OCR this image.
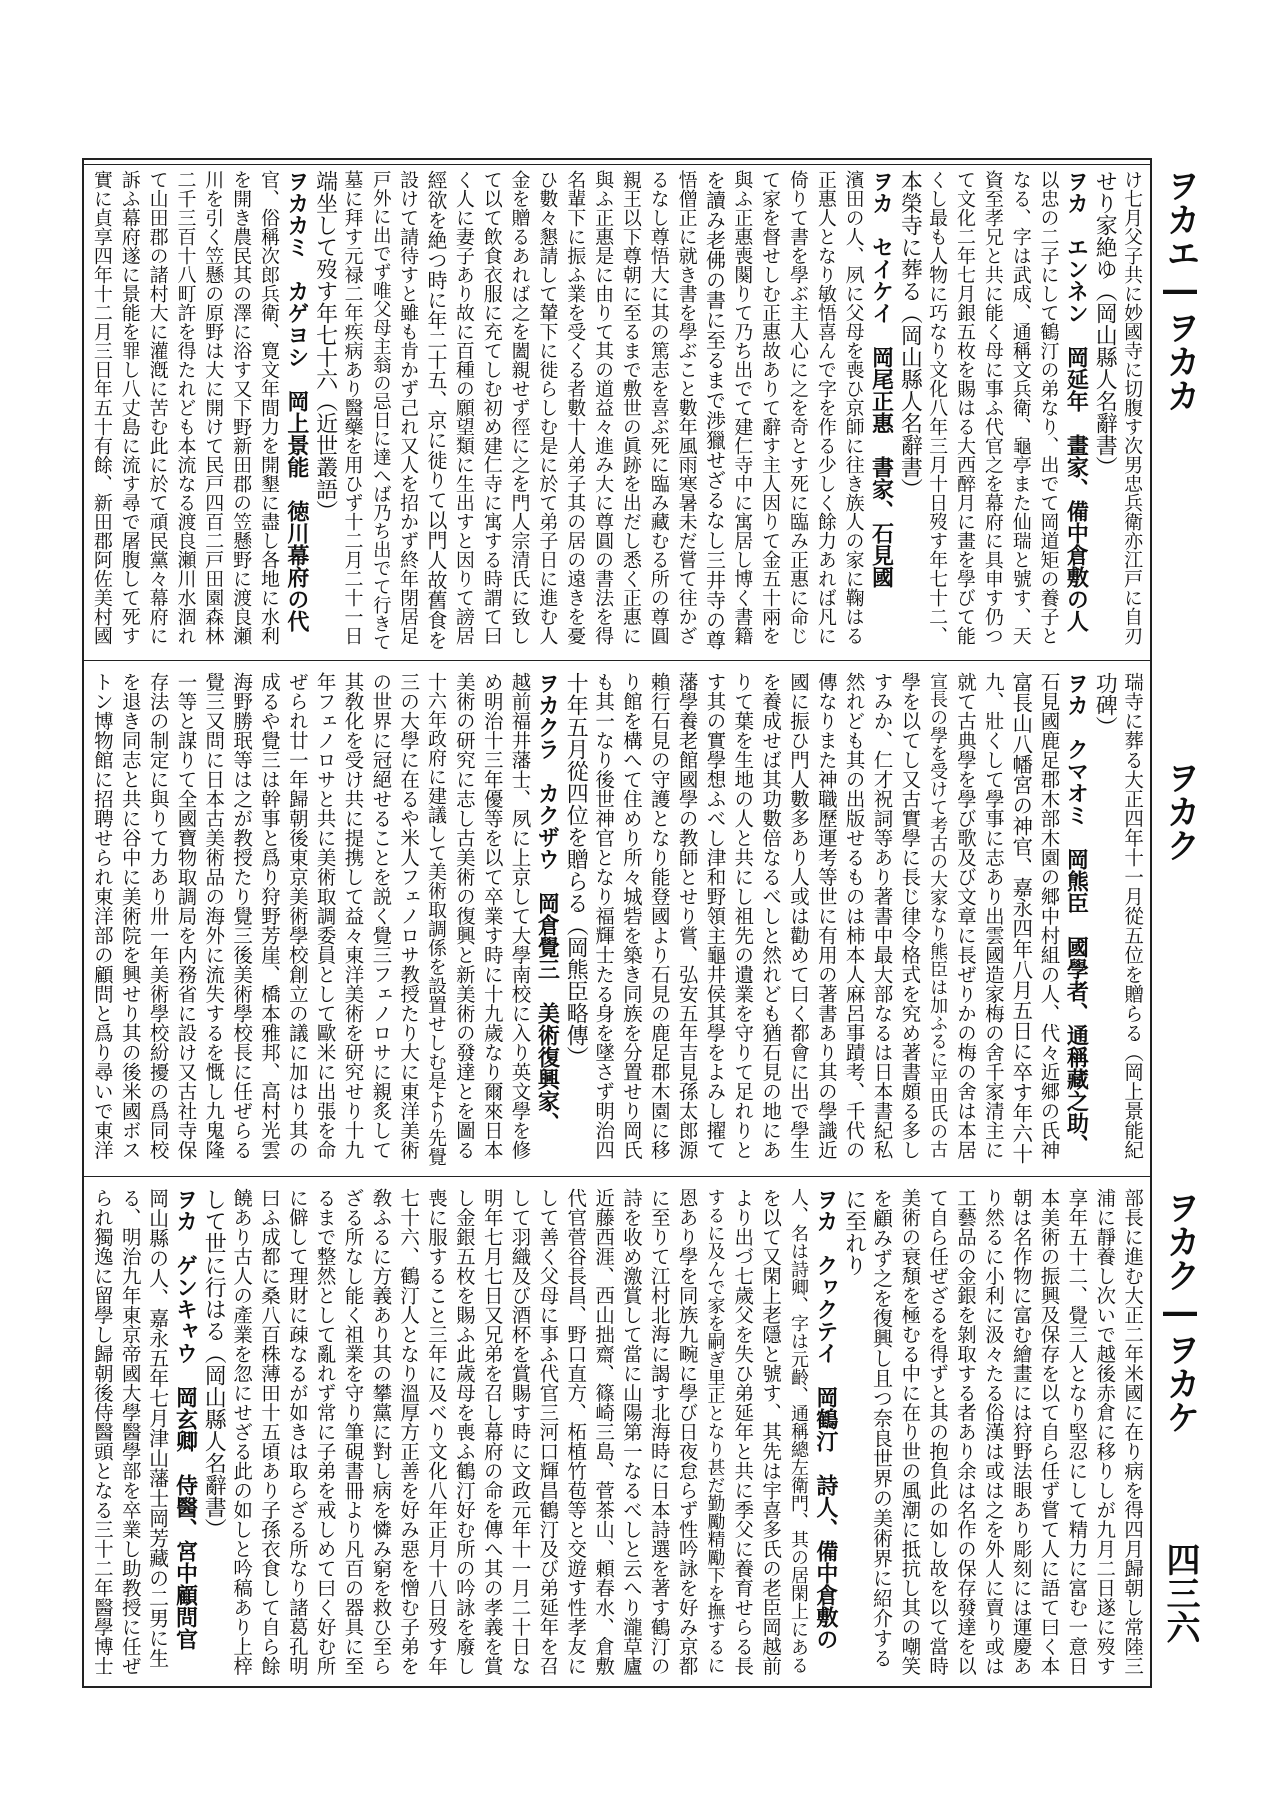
ヲカエ―ヲカカ
ヲカク
ヲカク―ヲカケ
四三六
け七月父子共に妙國寺に切腹す次男忠兵衛亦江戸に自刃
せり家絶ゆ（岡山縣人名辭書）
ヲカ　エンネン　岡延年　畫家、備中倉敷の人
以忠の二子にして鶴汀の弟なり、出でて岡道矩の養子と
なる、字は武成、通稱文兵衛、龜亭また仙瑞と號す、天
資至孝兄と共に能く母に事ふ代官之を幕府に具申す仍つ
て文化二年七月銀五枚を賜はる大西醉月に畫を學びて能
くし最も人物に巧なり文化八年三月十日歿す年七十二、
本榮寺に葬る（岡山縣人名辭書）
ヲカ　セイケイ　岡尾正惠　書家、石見國
濱田の人、夙に父母を喪ひ京師に往き族人の家に鞠はる
正惠人となり敏悟喜んで字を作る少しく餘力あれば凡に
倚りて書を學ぶ主人心に之を奇とす死に臨み正惠に命じ
て家を督せしむ正惠故ありて辭す主人因りて金五十兩を
與ふ正惠喪闋りて乃ち出でて建仁寺中に寓居し博く書籍
を讀み老佛の書に至るまで渉獵せざるなし三井寺の尊
悟僧正に就き書を學ぶこと數年風雨寒暑未だ嘗て往かざ
るなし尊悟大に其の篤志を喜ぶ死に臨み藏むる所の尊圓
親王以下尊朝に至るまで敷世の眞跡を出だし悉く正惠に
與ふ正惠是に由りて其の道益々進み大に尊圓の書法を得
名輩下に振ふ業を受くる者數十人弟子其の居の遠きを憂
ひ數々懇請して輦下に徙らしむ是に於て弟子日に進む人
金を贈るあれば之を闔親せず徑に之を門人宗清氏に致し
て以て飲食衣服に充てしむ初め建仁寺に寓する時謂て曰
く人に妻子あり故に百種の願望類に生出すと因りて謗居
經欲を絶つ時に年二十五、京に徙りて以門人故舊食を
設けて請待すと雖も肯かず己れ又人を招かず終年閉居足
戸外に出でず唯父母主翁の忌日に達へば乃ち出でて行きて
墓に拜す元禄二年疾病あり醫藥を用ひず十二月二十一日
端坐して歿す年七十六（近世叢語）
ヲカカミ　カゲヨシ　岡上景能　徳川幕府の代
官、俗稱次郎兵衛、寛文年間力を開墾に盡し各地に水利
を開き農民其の澤に浴す又下野新田郡の笠懸野に渡良瀬
川を引く笠懸の原野は大に開けて民戸四百二戸田園森林
二千三百十八町許を得たれども本流なる渡良瀬川水涸れ
て山田郡の諸村大に灌漑に苦む此に於て頑民黨々幕府に
訴ふ幕府遂に景能を罪し八丈島に流す尋で屠腹して死す
實に貞享四年十二月三日年五十有餘、新田郡阿佐美村國
瑞寺に葬る大正四年十一月從五位を贈らる（岡上景能紀
功碑）
ヲカ　クマオミ　岡熊臣　國學者、通稱藏之助、
石見國鹿足郡木部木園の郷中村組の人、代々近郷の氏神
富長山八幡宮の神官、嘉永四年八月五日に卒す年六十
九、壯くして學事に志あり出雲國造家梅の舍千家清主に
就て古典學を學び歌及び文章に長ぜりかの梅の舍は本居
宣長の學を受けて考古の大家なり熊臣は加ふるに平田氏の古
學を以てし又古實學に長じ律令格式を究め著書頗る多し
すみか、仁才祝詞等あり著書中最大部なるは日本書紀私
然れども其の出版せるものは柿本人麻呂事蹟考、千代の
傳なりまた神職歷運考等世に有用の著書あり其の學識近
國に振ひ門人數多あり人或は勸めて曰く都會に出で學生
を養成せば其功數倍なるべしと然れども猶石見の地にあ
りて葉を生地の人と共にし祖先の遺業を守りて足れりと
す其の實學想ふべし津和野領主龜井侯其學をよみし擢て
藩學養老館國學の教師とせり嘗、弘安五年吉見孫太郎源
賴行石見の守護となり能登國より石見の鹿足郡木園に移
り館を構へて住めり所々城砦を築き同族を分置せり岡氏
も其一なり後世神官となり福輝士たる身を墜さず明治四
十年五月從四位を贈らる（岡熊臣略傳）
ヲカクラ　カクザウ　岡倉覺三　美術復興家、
越前福井藩士、夙に上京して大學南校に入り英文學を修
め明治十三年優等を以て卒業す時に十九歲なり爾來日本
美術の研究に志し古美術の復興と新美術の發達とを圖る
十六年政府に建議して美術取調係を設置せしむ是より先覺
三の大學に在るや米人フェノロサ教授たり大に東洋美術
の世界に冠絕せることを説く覺三フェノロサに親炙して
其敎化を受け共に提携して益々東洋美術を研究せり十九
年フェノロサと共に美術取調委員として歐米に出張を命
ぜられ廿一年歸朝後東京美術學校創立の議に加はり其の
成るや覺三は幹事と爲り狩野芳崖、橋本雅邦、高村光雲
海野勝珉等は之が教授たり覺三後美術學校長に任ぜらる
覺三又問に日本古美術品の海外に流失するを慨し九鬼隆
一等と謀りて全國寶物取調局を内務省に設け又古社寺保
存法の制定に與りて力あり卅一年美術學校紛擾の爲同校
を退き同志と共に谷中に美術院を興せり其の後米國ボス
トン博物館に招聘せられ東洋部の顧問と爲り尋いで東洋
部長に進む大正二年米國に在り病を得四月歸朝し常陸三
浦に靜養し次いで越後赤倉に移りしが九月二日遂に歿す
享年五十二、覺三人となり堅忍にして精力に富む一意日
本美術の振興及保存を以て自ら任ず嘗て人に語て曰く本
朝は名作物に富む繪畫には狩野法眼あり彫刻には運慶あ
り然るに小利に汲々たる俗漢は或は之を外人に賣り或は
工藝品の金銀を剝取する者あり余は名作の保存發達を以
て自ら任ぜざるを得ずと其の抱負此の如し故を以て當時
美術の衰頽を極むる中に在り世の風潮に抵抗し其の嘲笑
を顧みず之を復興し且つ奈良世界の美術界に紹介する
に至れり
ヲカ　クヮクテイ　岡鶴汀　詩人、備中倉敷の
人、名は詩卿、字は元齡、通稱總左衛門、其の居閑上にある
を以て又閑上老隱と號す、其先は宇喜多氏の老臣岡越前
より出づ七歲父を失ひ弟延年と共に季父に養育せらる長
するに及んで家を嗣ぎ里正となり甚だ勤勵精勵下を撫するに
恩あり學を同族九畹に學び日夜怠らず性吟詠を好み京都
に至りて江村北海に謁す北海時に日本詩選を著す鶴汀の
詩を收め激賞して當に山陽第一なるべしと云へり瀧草廬
近藤西涯、西山拙齋、篠崎三島、菅茶山、頼春水、倉敷
代官菅谷長昌、野口直方、柘植竹苞等と交遊す性孝友に
して善く父母に事ふ代官三河口輝昌鶴汀及び弟延年を召
して羽織及び酒杯を賞賜す時に文政元年十一月二十日な
明年七月七日又兄弟を召し幕府の命を傳へ其の孝義を賞
し金銀五枚を賜ふ此歲母を喪ふ鶴汀好む所の吟詠を廢し
喪に服すること三年に及べり文化八年正月十八日歿す年
七十六、鶴汀人となり溫厚方正善を好み惡を憎む子弟を
敎ふるに方義あり其の攀黨に對し病を憐み窮を救ひ至ら
ざる所なし能く祖業を守り筆硯書冊より凡百の器具に至
るまで整然として亂れず常に子弟を戒しめて曰く好む所
に僻して理財に疎なるが如きは取らざる所なり諸葛孔明
曰ふ成都に桑八百株薄田十五頃あり子孫衣食して自ら餘
饒あり古人の產業を忽にせざる此の如しと吟稿あり上梓
して世に行はる（岡山縣人名辭書）
ヲカ　ゲンキャウ　岡玄卿　侍醫、宮中顧問官
岡山縣の人、嘉永五年七月津山藩士岡芳藏の二男に生
る、明治九年東京帝國大學醫學部を卒業し助教授に任ぜ
られ獨逸に留學し歸朝後侍醫頭となる三十二年醫學博士
